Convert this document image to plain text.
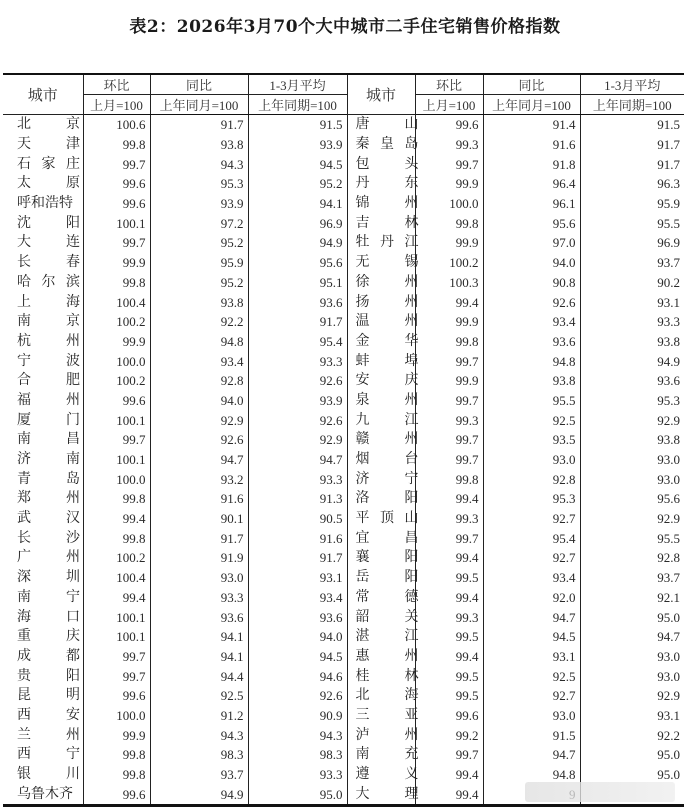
表2：2026年3月70个大中城市二手住宅销售价格指数
城市	环比	同比	1-3月平均	城市	环比	同比	1-3月平均
	上月=100	上年同月=100	上年同期=100		上月=100	上年同月=100	上年同期=100
北 京	100.6	91.7	91.5	唐 山	99.6	91.4	91.5
天 津	99.8	93.8	93.9	秦 皇 岛	99.3	91.6	91.7
石 家 庄	99.7	94.3	94.5	包 头	99.7	91.8	91.7
太 原	99.6	95.3	95.2	丹 东	99.9	96.4	96.3
呼和浩特	99.6	93.9	94.1	锦 州	100.0	96.1	95.9
沈 阳	100.1	97.2	96.9	吉 林	99.8	95.6	95.5
大 连	99.7	95.2	94.9	牡 丹 江	99.9	97.0	96.9
长 春	99.9	95.9	95.6	无 锡	100.2	94.0	93.7
哈 尔 滨	99.8	95.2	95.1	徐 州	100.3	90.8	90.2
上 海	100.4	93.8	93.6	扬 州	99.4	92.6	93.1
南 京	100.2	92.2	91.7	温 州	99.9	93.4	93.3
杭 州	99.9	94.8	95.4	金 华	99.8	93.6	93.8
宁 波	100.0	93.4	93.3	蚌 埠	99.7	94.8	94.9
合 肥	100.2	92.8	92.6	安 庆	99.9	93.8	93.6
福 州	99.6	94.0	93.9	泉 州	99.7	95.5	95.3
厦 门	100.1	92.9	92.6	九 江	99.3	92.5	92.9
南 昌	99.7	92.6	92.9	赣 州	99.7	93.5	93.8
济 南	100.1	94.7	94.7	烟 台	99.7	93.0	93.0
青 岛	100.0	93.2	93.3	济 宁	99.8	92.8	93.0
郑 州	99.8	91.6	91.3	洛 阳	99.4	95.3	95.6
武 汉	99.4	90.1	90.5	平 顶 山	99.3	92.7	92.9
长 沙	99.8	91.7	91.6	宜 昌	99.7	95.4	95.5
广 州	100.2	91.9	91.7	襄 阳	99.4	92.7	92.8
深 圳	100.4	93.0	93.1	岳 阳	99.5	93.4	93.7
南 宁	99.4	93.3	93.4	常 德	99.4	92.0	92.1
海 口	100.1	93.6	93.6	韶 关	99.3	94.7	95.0
重 庆	100.1	94.1	94.0	湛 江	99.5	94.5	94.7
成 都	99.7	94.1	94.5	惠 州	99.4	93.1	93.0
贵 阳	99.7	94.4	94.6	桂 林	99.5	92.5	93.0
昆 明	99.6	92.5	92.6	北 海	99.5	92.7	92.9
西 安	100.0	91.2	90.9	三 亚	99.6	93.0	93.1
兰 州	99.9	94.3	94.3	泸 州	99.2	91.5	92.2
西 宁	99.8	98.3	98.3	南 充	99.7	94.7	95.0
银 川	99.8	93.7	93.3	遵 义	99.4	94.8	95.0
乌鲁木齐	99.6	94.9	95.0	大 理	99.4		
